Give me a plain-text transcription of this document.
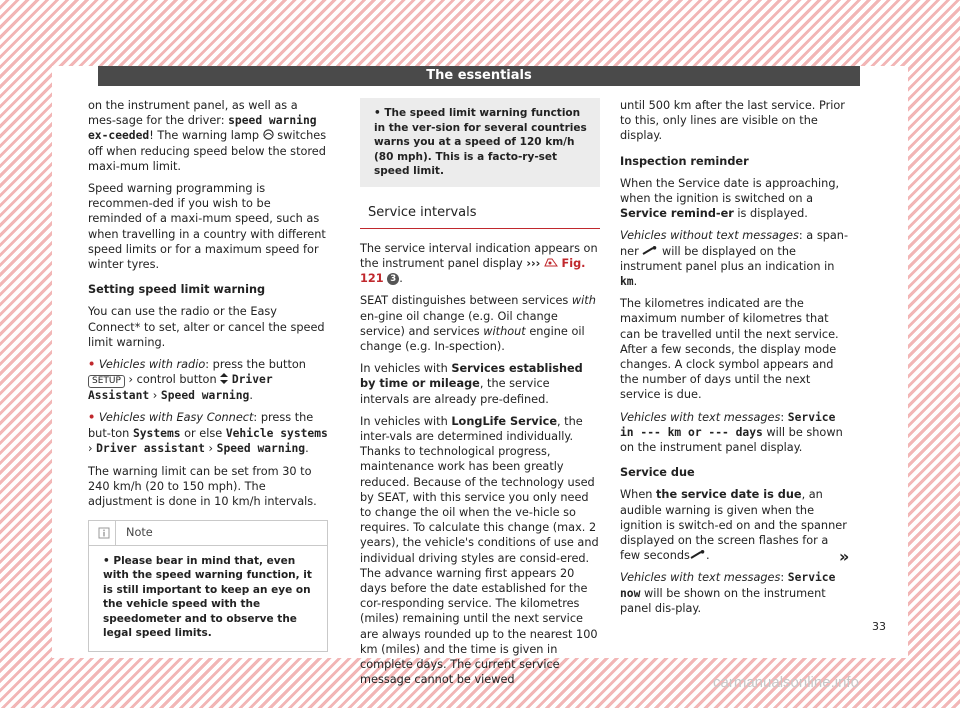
The essentials

on the instrument panel, as well as a mes-sage for the driver: speed warning ex-ceeded! The warning lamp  switches off when reducing speed below the stored maxi-mum limit.

Speed warning programming is recommen-ded if you wish to be reminded of a maxi-mum speed, such as when travelling in a country with different speed limits or for a maximum speed for winter tyres.

Setting speed limit warning

You can use the radio or the Easy Connect* to set, alter or cancel the speed limit warning.

• Vehicles with radio: press the button SETUP › control button  Driver Assistant › Speed warning.

• Vehicles with Easy Connect: press the but-ton Systems or else Vehicle systems › Driver assistant › Speed warning.

The warning limit can be set from 30 to 240 km/h (20 to 150 mph). The adjustment is done in 10 km/h intervals.

Note
• Please bear in mind that, even with the speed warning function, it is still important to keep an eye on the vehicle speed with the speedometer and to observe the legal speed limits.
• The speed limit warning function in the ver-sion for several countries warns you at a speed of 120 km/h (80 mph). This is a facto-ry-set speed limit.
Service intervals

The service interval indication appears on the instrument panel display ››› Fig. 121 3 .

SEAT distinguishes between services with en-gine oil change (e.g. Oil change service) and services without engine oil change (e.g. In-spection).

In vehicles with Services established by time or mileage, the service intervals are already pre-defined.

In vehicles with LongLife Service, the inter-vals are determined individually. Thanks to technological progress, maintenance work has been greatly reduced. Because of the technology used by SEAT, with this service you only need to change the oil when the ve-hicle so requires. To calculate this change (max. 2 years), the vehicle's conditions of use and individual driving styles are consid-ered. The advance warning first appears 20 days before the date established for the cor-responding service. The kilometres (miles) remaining until the next service are always rounded up to the nearest 100 km (miles) and the time is given in complete days. The current service message cannot be viewed

until 500 km after the last service. Prior to this, only lines are visible on the display.

Inspection reminder

When the Service date is approaching, when the ignition is switched on a Service remind-er is displayed.

Vehicles without text messages: a span-ner  will be displayed on the instrument panel plus an indication in km.

The kilometres indicated are the maximum number of kilometres that can be travelled until the next service. After a few seconds, the display mode changes. A clock symbol appears and the number of days until the next service is due.

Vehicles with text messages: Service in --- km or --- days will be shown on the instrument panel display.

Service due

When the service date is due, an audible warning is given when the ignition is switch-ed on and the spanner displayed on the screen flashes for a few seconds .

Vehicles with text messages: Service now will be shown on the instrument panel dis-play.

»
33
carmanualsonline.info
